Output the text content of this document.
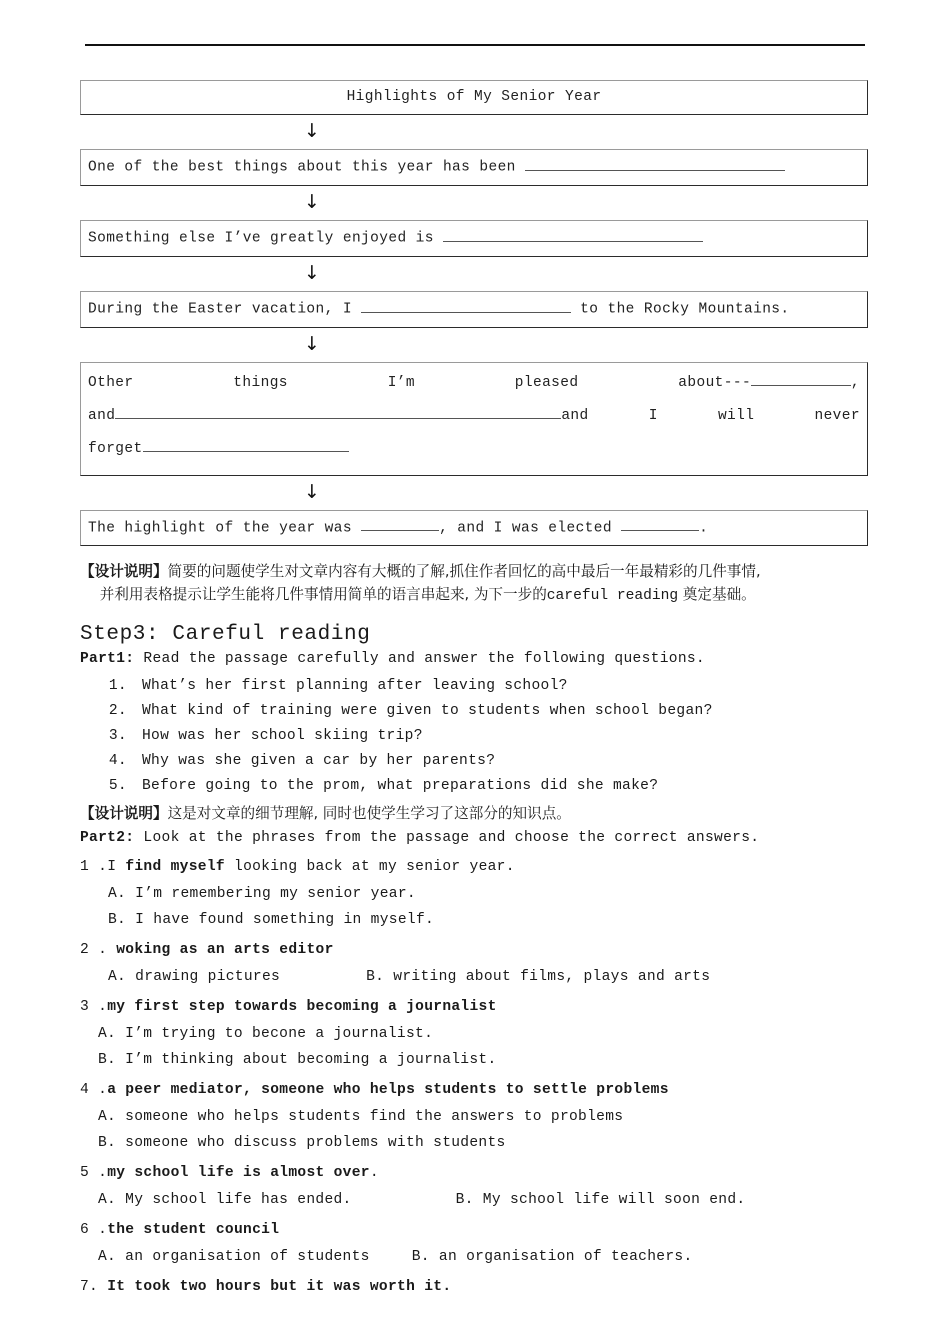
Highlights of My Senior Year
↓
One of the best things about this year has been
↓
Something else I’ve greatly enjoyed is
↓
During the Easter vacation, I	to the Rocky Mountains.
↓
Other	things	I’m	pleased	about---	,
and	and	I	will	never
forget
↓
The highlight of the year was	, and I was elected	.

【设计说明】简要的问题使学生对文章内容有大概的了解,抓住作者回忆的高中最后一年最精彩的几件事情,
并利用表格提示让学生能将几件事情用简单的语言串起来, 为下一步的careful reading 奠定基础。

Step3: Careful reading

Part1: Read the passage carefully and answer the following questions.

1. What’s her first planning after leaving school?
2. What kind of training were given to students when school began?
3. How was her school skiing trip?
4. Why was she given a car by her parents?
5. Before going to the prom, what preparations did she make?

【设计说明】这是对文章的细节理解, 同时也使学生学习了这部分的知识点。

Part2: Look at the phrases from the passage and choose the correct answers.

1 .I find myself looking back at my senior year.

A. I’m remembering my senior year.
B. I have found something in myself.

2 . woking as an arts editor

A. drawing pictures	B. writing about films, plays and arts

3 .my first step towards becoming a journalist

A. I’m trying to becone a journalist.
B. I’m thinking about becoming a journalist.

4 .a peer mediator, someone who helps students to settle problems

A. someone who helps students find the answers to problems
B. someone who discuss problems with students

5 .my school life is almost over.

A. My school life has ended.	B. My school life will soon end.

6 .the student council

A. an organisation of students	B. an organisation of teachers.

7. It took two hours but it was worth it.
